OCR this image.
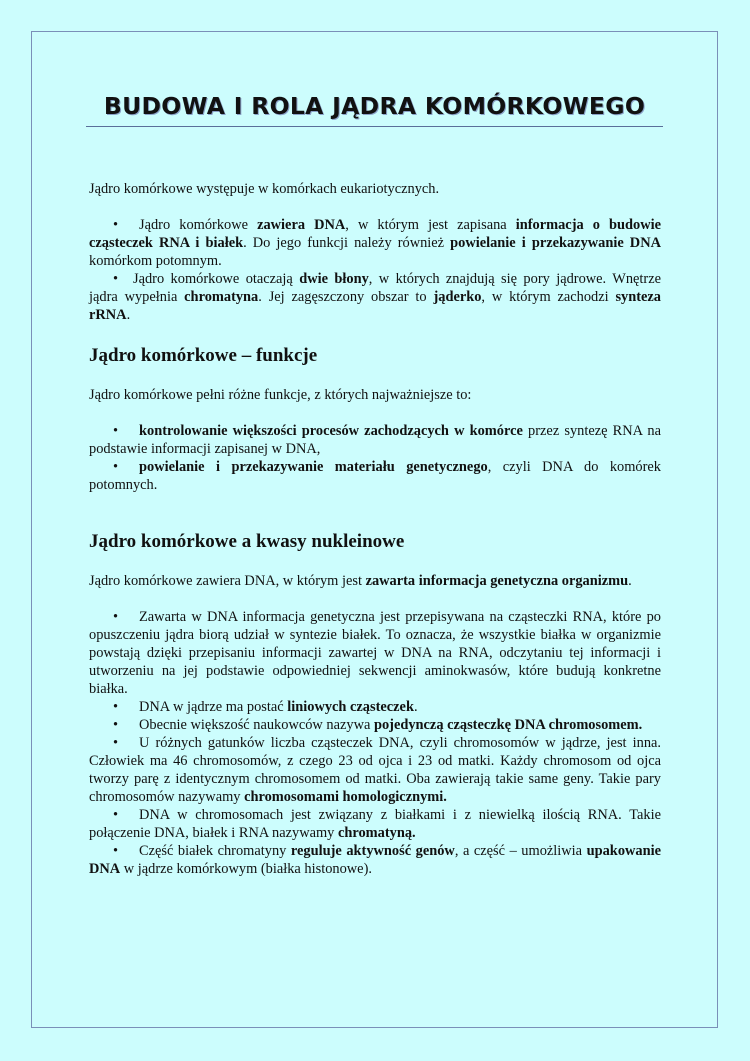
BUDOWA I ROLA JĄDRA KOMÓRKOWEGO

Jądro komórkowe występuje w komórkach eukariotycznych.

• Jądro komórkowe zawiera DNA, w którym jest zapisana informacja o budowie cząsteczek RNA i białek. Do jego funkcji należy również powielanie i przekazywanie DNA komórkom potomnym.
• Jądro komórkowe otaczają dwie błony, w których znajdują się pory jądrowe. Wnętrze jądra wypełnia chromatyna. Jej zagęszczony obszar to jąderko, w którym zachodzi synteza rRNA.
Jądro komórkowe – funkcje

Jądro komórkowe pełni różne funkcje, z których najważniejsze to:

• kontrolowanie większości procesów zachodzących w komórce przez syntezę RNA na podstawie informacji zapisanej w DNA,
• powielanie i przekazywanie materiału genetycznego, czyli DNA do komórek potomnych.
Jądro komórkowe a kwasy nukleinowe

Jądro komórkowe zawiera DNA, w którym jest zawarta informacja genetyczna organizmu.

• Zawarta w DNA informacja genetyczna jest przepisywana na cząsteczki RNA, które po opuszczeniu jądra biorą udział w syntezie białek. To oznacza, że wszystkie białka w organizmie powstają dzięki przepisaniu informacji zawartej w DNA na RNA, odczytaniu tej informacji i utworzeniu na jej podstawie odpowiedniej sekwencji aminokwasów, które budują konkretne białka.
• DNA w jądrze ma postać liniowych cząsteczek.
• Obecnie większość naukowców nazywa pojedynczą cząsteczkę DNA chromosomem.
• U różnych gatunków liczba cząsteczek DNA, czyli chromosomów w jądrze, jest inna. Człowiek ma 46 chromosomów, z czego 23 od ojca i 23 od matki. Każdy chromosom od ojca tworzy parę z identycznym chromosomem od matki. Oba zawierają takie same geny. Takie pary chromosomów nazywamy chromosomami homologicznymi.
• DNA w chromosomach jest związany z białkami i z niewielką ilością RNA. Takie połączenie DNA, białek i RNA nazywamy chromatyną.
• Część białek chromatyny reguluje aktywność genów, a część – umożliwia upakowanie DNA w jądrze komórkowym (białka histonowe).
